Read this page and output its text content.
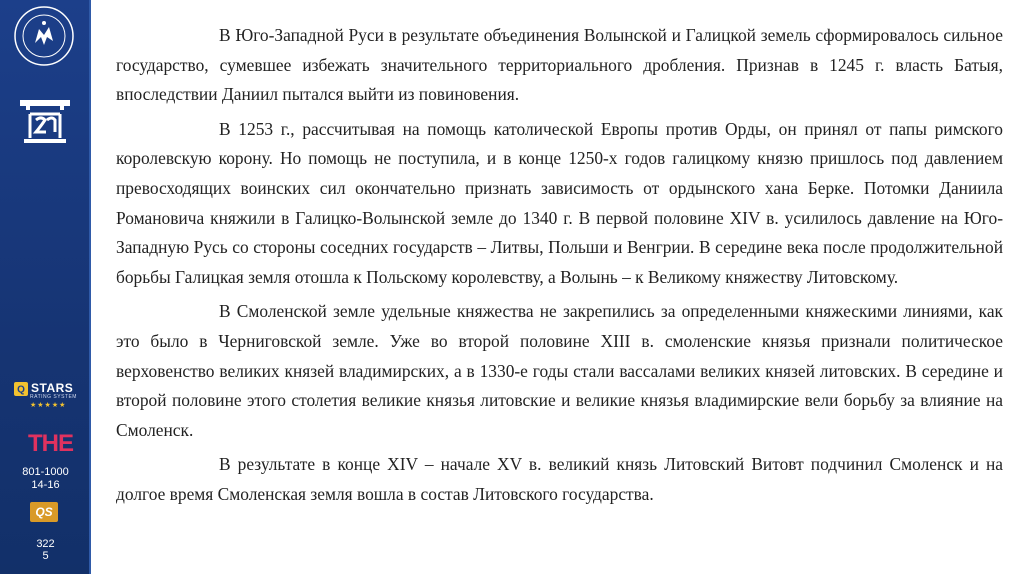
STARS
Q
RATING SYSTEM
★★★★★
THE
801-1000
14-16
QS
322
5

В Юго-Западной Руси в результате объединения Волынской и Галицкой земель сформировалось сильное государство, сумевшее избежать значительного территориального дробления. Признав в 1245 г. власть Батыя, впоследствии Даниил пытался выйти из повиновения.

В 1253 г., рассчитывая на помощь католической Европы против Орды, он принял от папы римского королевскую корону. Но помощь не поступила, и в конце 1250-х годов галицкому князю пришлось под давлением превосходящих воинских сил окончательно признать зависимость от ордынского хана Берке. Потомки Даниила Романовича княжили в Галицко-Волынской земле до 1340 г. В первой половине XIV в. усилилось давление на Юго-Западную Русь со стороны соседних государств – Литвы, Польши и Венгрии. В середине века после продолжительной борьбы Галицкая земля отошла к Польскому королевству, а Волынь – к Великому княжеству Литовскому.

В Смоленской земле удельные княжества не закрепились за определенными княжескими линиями, как это было в Черниговской земле. Уже во второй половине XIII в. смоленские князья признали политическое верховенство великих князей владимирских, а в 1330-е годы стали вассалами великих князей литовских. В середине и второй половине этого столетия великие князья литовские и великие князья владимирские вели борьбу за влияние на Смоленск.

В результате в конце XIV – начале XV в. великий князь Литовский Витовт подчинил Смоленск и на долгое время Смоленская земля вошла в состав Литовского государства.
